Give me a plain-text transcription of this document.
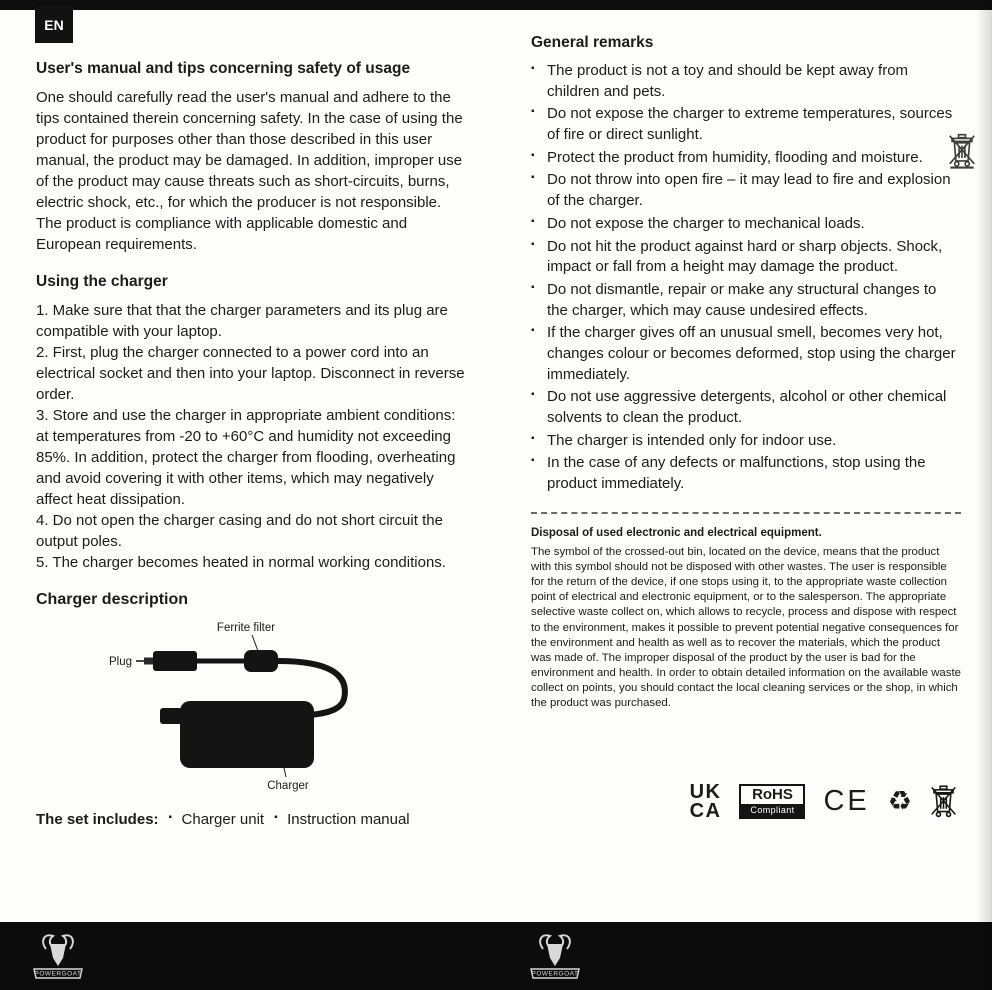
EN
User's manual and tips concerning safety of usage

One should carefully read the user's manual and adhere to the tips contained therein concerning safety. In the case of using the product for purposes other than those described in this user manual, the product may be damaged. In addition, improper use of the product may cause threats such as short-circuits, burns, electric shock, etc., for which the producer is not responsible. The product is compliance with applicable domestic and European requirements.

Using the charger

1. Make sure that that the charger parameters and its plug are compatible with your laptop.

2. First, plug the charger connected to a power cord into an electrical socket and then into your laptop. Disconnect in reverse order.

3. Store and use the charger in appropriate ambient conditions: at temperatures from -20 to +60°C and humidity not exceeding 85%. In addition, protect the charger from flooding, overheating and avoid covering it with other items, which may negatively affect heat dissipation.

4. Do not open the charger casing and do not short circuit the output poles.

5. The charger becomes heated in normal working conditions.

Charger description
Ferrite filter
Plug
Charger
The set includes:	▪ Charger unit	▪ Instruction manual
General remarks
▪ The product is not a toy and should be kept away from children and pets.
▪ Do not expose the charger to extreme temperatures, sources of fire or direct sunlight.
▪ Protect the product from humidity, flooding and moisture.
▪ Do not throw into open fire – it may lead to fire and explosion of the charger.
▪ Do not expose the charger to mechanical loads.
▪ Do not hit the product against hard or sharp objects. Shock, impact or fall from a height may damage the product.
▪ Do not dismantle, repair or make any structural changes to the charger, which may cause undesired effects.
▪ If the charger gives off an unusual smell, becomes very hot, changes colour or becomes deformed, stop using the charger immediately.
▪ Do not use aggressive detergents, alcohol or other chemical solvents to clean the product.
▪ The charger is intended only for indoor use.
▪ In the case of any defects or malfunctions, stop using the product immediately.

Disposal of used electronic and electrical equipment.

The symbol of the crossed-out bin, located on the device, means that the product with this symbol should not be disposed with other wastes. The user is responsible for the return of the device, if one stops using it, to the appropriate waste collection point of electrical and electronic equipment, or to the salesperson. The appropriate selective waste collect on, which allows to recycle, process and dispose with respect to the environment, makes it possible to prevent potential negative consequences for the environment and health as well as to recover the materials, which the product was made of. The improper disposal of the product by the user is bad for the environment and health. In order to obtain detailed information on the available waste collect on points, you should contact the local cleaning services or the shop, in which the product was purchased.

UK
CA
RoHS
Compliant CE ♻
POWERGOAT	POWERGOAT
